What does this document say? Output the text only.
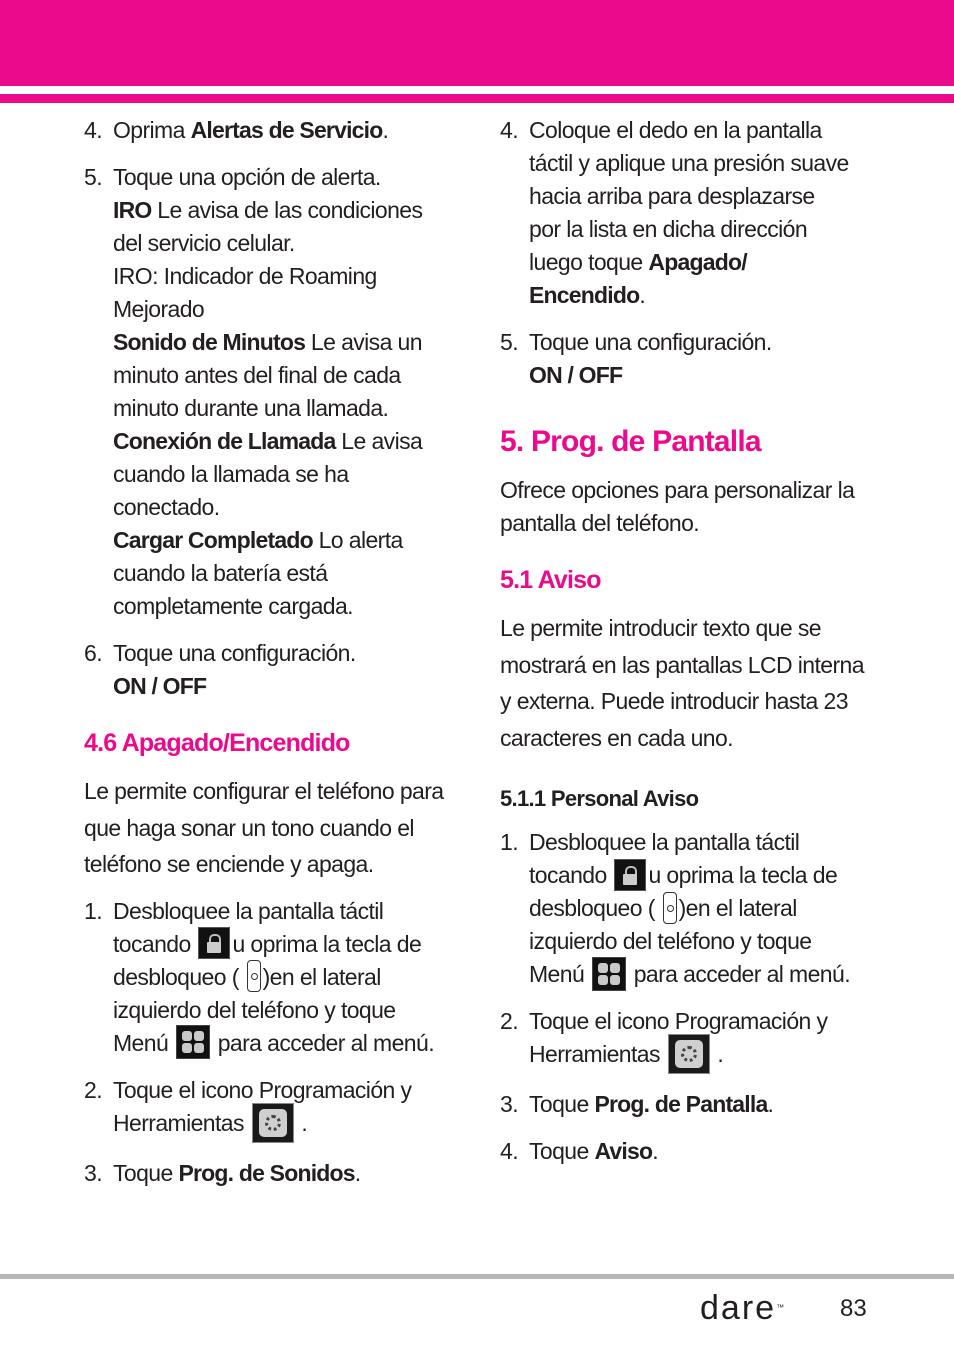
4. Oprima Alertas de Servicio.
5. Toque una opción de alerta.
IRO Le avisa de las condiciones
del servicio celular.
IRO: Indicador de Roaming
Mejorado
Sonido de Minutos Le avisa un
minuto antes del final de cada
minuto durante una llamada.
Conexión de Llamada Le avisa
cuando la llamada se ha
conectado.
Cargar Completado Lo alerta
cuando la batería está
completamente cargada.
6. Toque una configuración.
ON / OFF
4.6 Apagado/Encendido
Le permite configurar el teléfono para
que haga sonar un tono cuando el
teléfono se enciende y apaga.
1. Desbloquee la pantalla táctil
tocando u oprima la tecla de
desbloqueo ( )en el lateral
izquierdo del teléfono y toque
Menú
para acceder al menú.
2. Toque el icono Programación y
Herramientas  .
3. Toque Prog. de Sonidos.
4. Coloque el dedo en la pantalla
táctil y aplique una presión suave
hacia arriba para desplazarse
por la lista en dicha dirección
luego toque Apagado/
Encendido.
5. Toque una configuración.
ON / OFF
5. Prog. de Pantalla
Ofrece opciones para personalizar la
pantalla del teléfono.
5.1 Aviso
Le permite introducir texto que se
mostrará en las pantallas LCD interna
y externa. Puede introducir hasta 23
caracteres en cada uno.
5.1.1 Personal Aviso
1. Desbloquee la pantalla táctil
tocando u oprima la tecla de
desbloqueo ( )en el lateral
izquierdo del teléfono y toque
Menú
para acceder al menú.
2. Toque el icono Programación y
Herramientas  .
3. Toque Prog. de Pantalla.
4. Toque Aviso.
dare™ 83
